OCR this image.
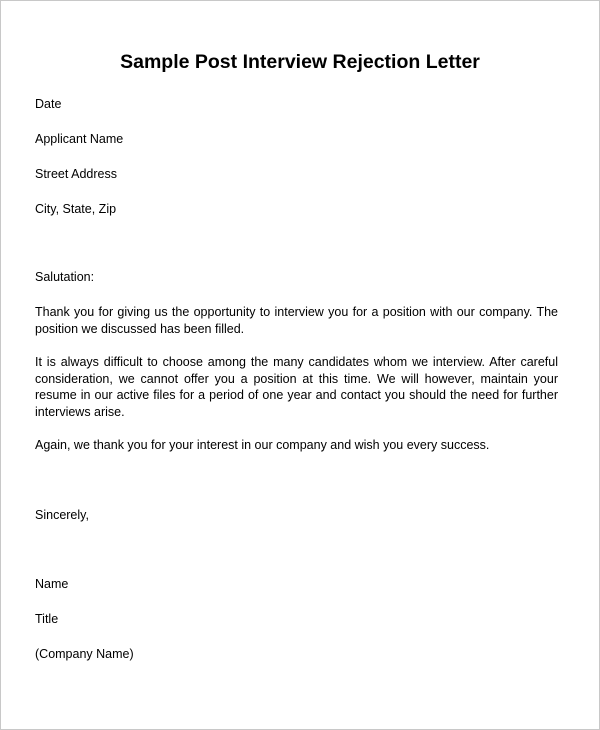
Sample Post Interview Rejection Letter
Date
Applicant Name
Street Address
City, State, Zip
Salutation:
Thank you for giving us the opportunity to interview you for a position with our company. The position we discussed has been filled.
It is always difficult to choose among the many candidates whom we interview. After careful consideration, we cannot offer you a position at this time. We will however, maintain your resume in our active files for a period of one year and contact you should the need for further interviews arise.
Again, we thank you for your interest in our company and wish you every success.
Sincerely,
Name
Title
(Company Name)
